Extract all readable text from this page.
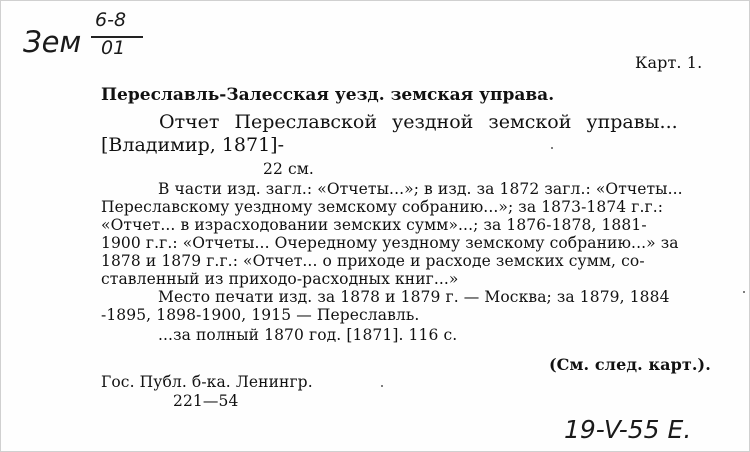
Зем
6-8
01
Карт. 1.
Переславль-Залесская уезд. земская управа.
Отчет Переславской уездной земской управы...
[Владимир, 1871]-
22 см.
В части изд. загл.: «Отчеты...»; в изд. за 1872 загл.: «Отчеты...
Переславскому уездному земскому собранию...»; за 1873-1874 г.г.:
«Отчет... в израсходовании земских сумм»...; за 1876-1878, 1881-
1900 г.г.: «Отчеты... Очередному уездному земскому собранию...» за
1878 и 1879 г.г.: «Отчет... о приходе и расходе земских сумм, со-
ставленный из приходо-расходных книг...»
Место печати изд. за 1878 и 1879 г. — Москва; за 1879, 1884
-1895, 1898-1900, 1915 — Переславль.
...за полный 1870 год. [1871]. 116 с.
(См. след. карт.).
Гос. Публ. б-ка. Ленингр.
221—54
19-V-55 Е.
